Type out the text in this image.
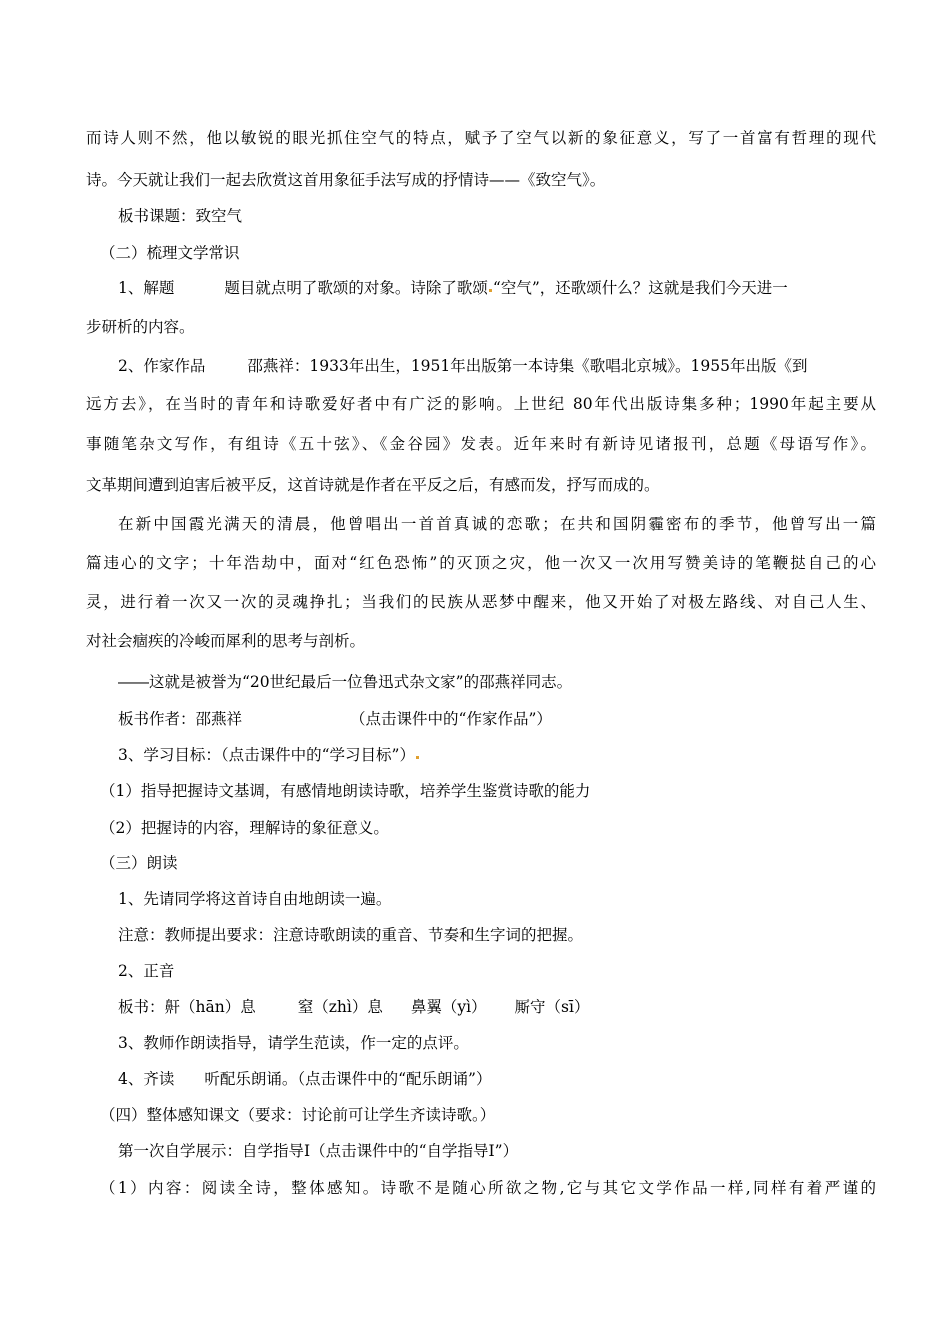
而诗人则不然，他以敏锐的眼光抓住空气的特点，赋予了空气以新的象征意义，写了一首富有哲理的现代
诗。今天就让我们一起去欣赏这首用象征手法写成的抒情诗——《致空气》。
板书课题：致空气
（二）梳理文学常识
1、解题	题目就点明了歌颂的对象。诗除了歌颂 “空气”，还歌颂什么？这就是我们今天进一
步研析的内容。
2、作家作品	邵燕祥：1933年出生，1951年出版第一本诗集《歌唱北京城》。1955年出版《到
远方去》，在当时的青年和诗歌爱好者中有广泛的影响。上世纪 80年代出版诗集多种；1990年起主要从
事随笔杂文写作，有组诗《五十弦》、《金谷园》发表。近年来时有新诗见诸报刊，总题《母语写作》。
文革期间遭到迫害后被平反，这首诗就是作者在平反之后，有感而发，抒写而成的。
在新中国霞光满天的清晨，他曾唱出一首首真诚的恋歌；在共和国阴霾密布的季节，他曾写出一篇
篇违心的文字；十年浩劫中，面对“红色恐怖”的灭顶之灾，他一次又一次用写赞美诗的笔鞭挞自己的心
灵，进行着一次又一次的灵魂挣扎；当我们的民族从恶梦中醒来，他又开始了对极左路线、对自己人生、
对社会痼疾的冷峻而犀利的思考与剖析。
――这就是被誉为“20世纪最后一位鲁迅式杂文家”的邵燕祥同志。
板书作者：邵燕祥	（点击课件中的“作家作品”）
3、学习目标：（点击课件中的“学习目标”）
（1）指导把握诗文基调，有感情地朗读诗歌，培养学生鉴赏诗歌的能力
（2）把握诗的内容，理解诗的象征意义。
（三）朗读
1、先请同学将这首诗自由地朗读一遍。
注意：教师提出要求：注意诗歌朗读的重音、节奏和生字词的把握。
2、正音
板书：鼾（hān）息	窒（zhì）息 鼻翼（yì） 厮守（sī）
3、教师作朗读指导，请学生范读，作一定的点评。
4、齐读 听配乐朗诵。（点击课件中的“配乐朗诵”）
（四）整体感知课文（要求：讨论前可让学生齐读诗歌。）
第一次自学展示：自学指导Ⅰ（点击课件中的“自学指导Ⅰ”）
（1）内容：阅读全诗，整体感知。诗歌不是随心所欲之物,它与其它文学作品一样,同样有着严谨的
